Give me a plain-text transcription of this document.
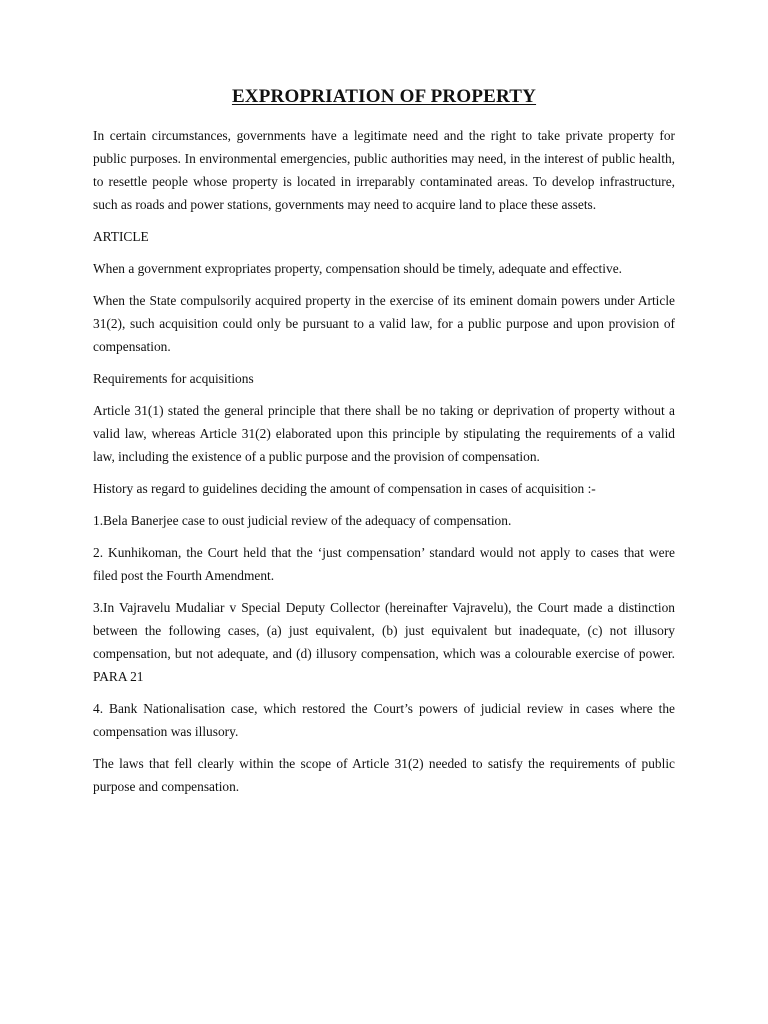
EXPROPRIATION OF PROPERTY

In certain circumstances, governments have a legitimate need and the right to take private property for public purposes. In environmental emergencies, public authorities may need, in the interest of public health, to resettle people whose property is located in irreparably contaminated areas. To develop infrastructure, such as roads and power stations, governments may need to acquire land to place these assets.

ARTICLE

When a government expropriates property, compensation should be timely, adequate and effective.

When the State compulsorily acquired property in the exercise of its eminent domain powers under Article 31(2), such acquisition could only be pursuant to a valid law, for a public purpose and upon provision of compensation.

Requirements for acquisitions

Article 31(1) stated the general principle that there shall be no taking or deprivation of property without a valid law, whereas Article 31(2) elaborated upon this principle by stipulating the requirements of a valid law, including the existence of a public purpose and the provision of compensation.

History as regard to guidelines deciding the amount of compensation in cases of acquisition :-

1.Bela Banerjee case to oust judicial review of the adequacy of compensation.

2. Kunhikoman, the Court held that the ‘just compensation’ standard would not apply to cases that were filed post the Fourth Amendment.

3.In Vajravelu Mudaliar v Special Deputy Collector (hereinafter Vajravelu), the Court made a distinction between the following cases, (a) just equivalent, (b) just equivalent but inadequate, (c) not illusory compensation, but not adequate, and (d) illusory compensation, which was a colourable exercise of power. PARA 21

4. Bank Nationalisation case, which restored the Court’s powers of judicial review in cases where the compensation was illusory.

The laws that fell clearly within the scope of Article 31(2) needed to satisfy the requirements of public purpose and compensation.
